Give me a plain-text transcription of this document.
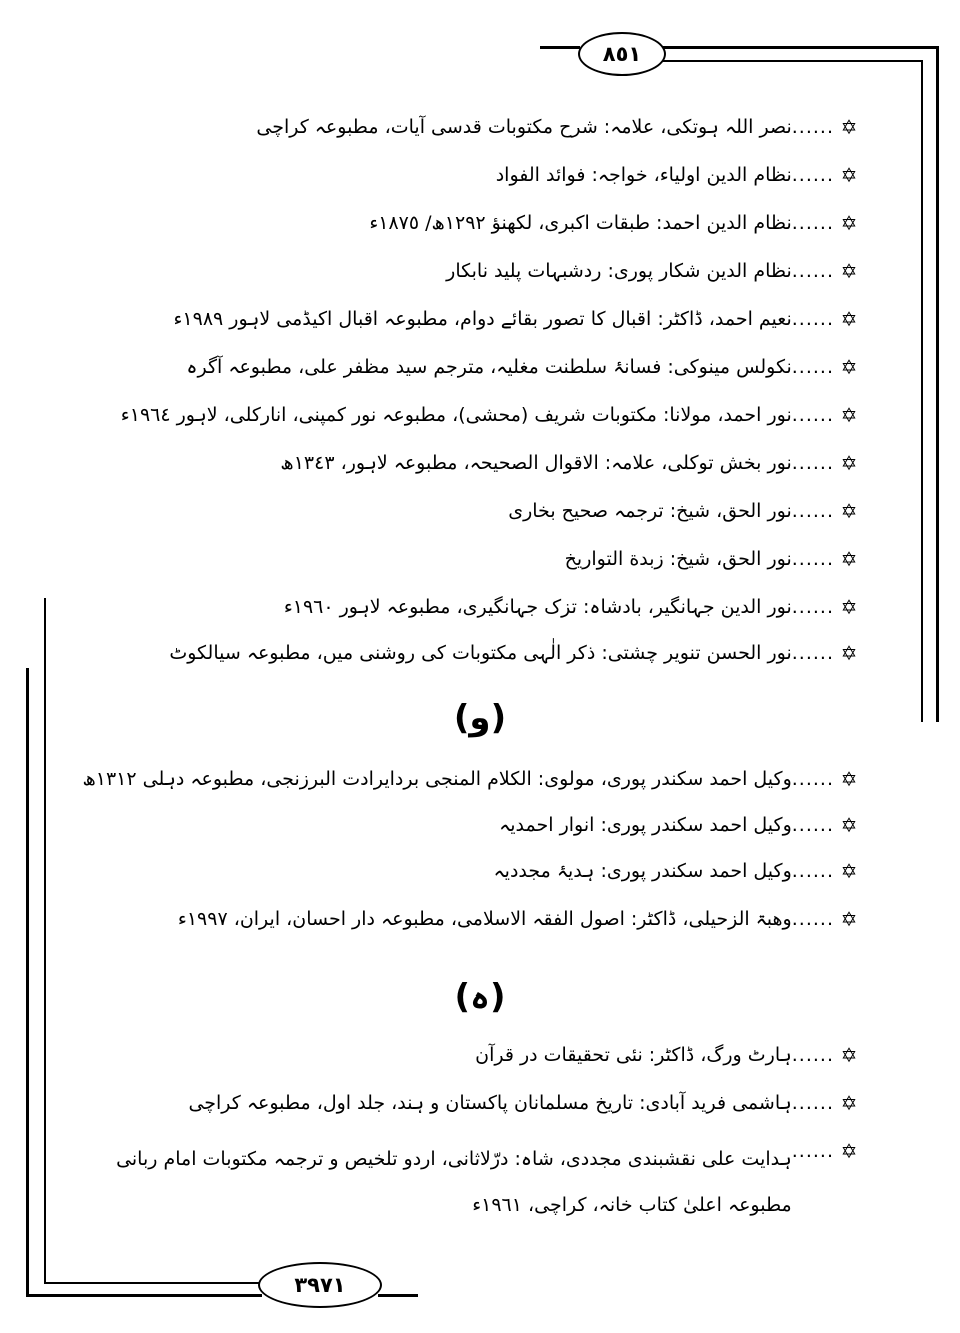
٨٥١
٣٩٧١
✡
......
نصر اللہ ہوتکی، علامہ: شرح مکتوبات قدسی آیات، مطبوعہ کراچی
✡
......
نظام الدین اولیاء، خواجہ: فوائد الفواد
✡
......
نظام الدین احمد: طبقات اکبری، لکھنؤ ١٢٩٢ھ/ ١٨٧٥ء
✡
......
نظام الدین شکار پوری: ردشبہات پلید نابکار
✡
......
نعیم احمد، ڈاکٹر: اقبال کا تصور بقائے دوام، مطبوعہ اقبال اکیڈمی لاہور ١٩٨٩ء
✡
......
نکولس مینوکی: فسانۂ سلطنت مغلیہ، مترجم سید مظفر علی، مطبوعہ آگرہ
✡
......
نور احمد، مولانا: مکتوبات شریف (محشی)، مطبوعہ نور کمپنی، انارکلی، لاہور ١٩٦٤ء
✡
......
نور بخش توکلی، علامہ: الاقوال الصحیحہ، مطبوعہ لاہور، ١٣٤٣ھ
✡
......
نور الحق، شیخ: ترجمہ صحیح بخاری
✡
......
نور الحق، شیخ: زبدة التواریخ
✡
......
نور الدین جہانگیر، بادشاہ: تزک جہانگیری، مطبوعہ لاہور ١٩٦٠ء
✡
......
نور الحسن تنویر چشتی: ذکر الٰہی مکتوبات کی روشنی میں، مطبوعہ سیالکوٹ
(و)
✡
......
وکیل احمد سکندر پوری، مولوی: الکلام المنجی بردایرادت البرزنجی، مطبوعہ دہلی ١٣١٢ھ
✡
......
وکیل احمد سکندر پوری: انوار احمدیہ
✡
......
وکیل احمد سکندر پوری: ہدیۂ مجددیہ
✡
......
وھبۃ الزحیلی، ڈاکٹر: اصول الفقہ الاسلامی، مطبوعہ دار احسان، ایران، ١٩٩٧ء
(ہ)
✡
......
ہارٹ ورگ، ڈاکٹر: نئی تحقیقات در قرآن
✡
......
ہاشمی فرید آبادی: تاریخ مسلمانان پاکستان و ہند، جلد اول، مطبوعہ کراچی
✡
......
ہدایت علی نقشبندی مجددی، شاہ: درّلاثانی، اردو تلخیص و ترجمہ مکتوبات امام ربانی مطبوعہ اعلیٰ کتاب خانہ، کراچی، ١٩٦١ء
